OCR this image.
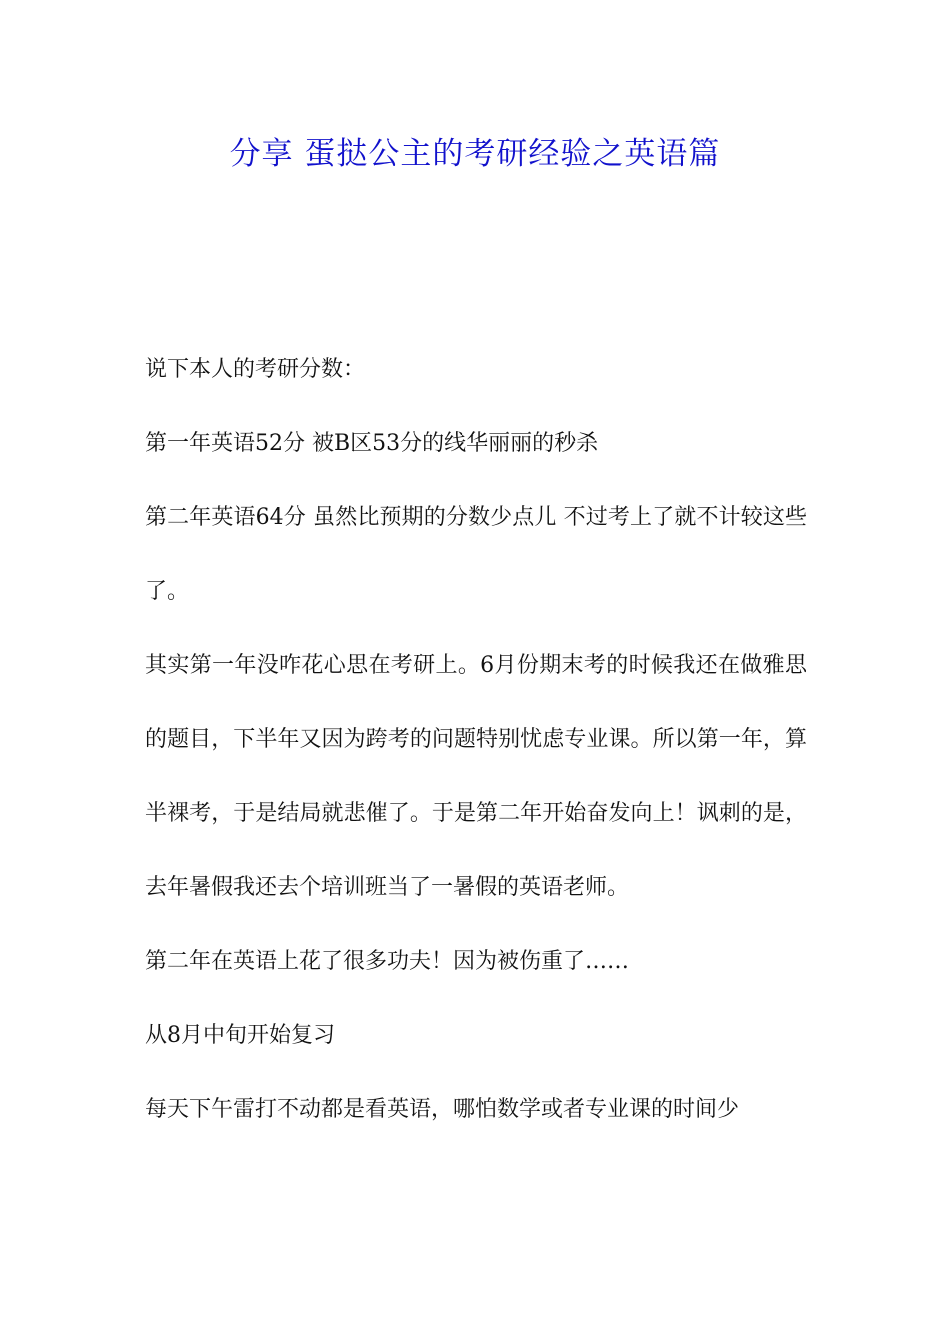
分享 蛋挞公主的考研经验之英语篇

说下本人的考研分数：

第一年英语52分 被B区53分的线华丽丽的秒杀

第二年英语64分 虽然比预期的分数少点儿 不过考上了就不计较这些了。

其实第一年没咋花心思在考研上。6月份期末考的时候我还在做雅思的题目，下半年又因为跨考的问题特别忧虑专业课。所以第一年，算半裸考，于是结局就悲催了。于是第二年开始奋发向上！讽刺的是，去年暑假我还去个培训班当了一暑假的英语老师。

第二年在英语上花了很多功夫！因为被伤重了……

从8月中旬开始复习

每天下午雷打不动都是看英语，哪怕数学或者专业课的时间少
